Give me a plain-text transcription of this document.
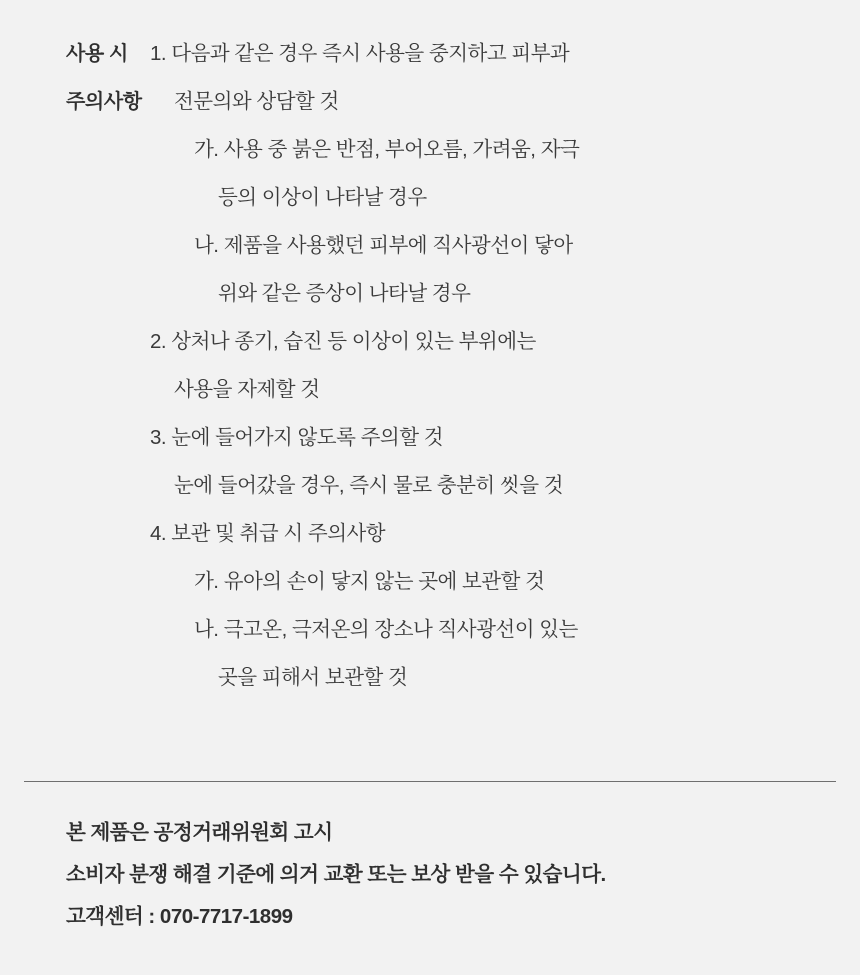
사용 시
주의사항
1. 다음과 같은 경우 즉시 사용을 중지하고 피부과
전문의와 상담할 것
가. 사용 중 붉은 반점, 부어오름, 가려움, 자극
등의 이상이 나타날 경우
나. 제품을 사용했던 피부에 직사광선이 닿아
위와 같은 증상이 나타날 경우
2. 상처나 종기, 습진 등 이상이 있는 부위에는
사용을 자제할 것
3. 눈에 들어가지 않도록 주의할 것
눈에 들어갔을 경우, 즉시 물로 충분히 씻을 것
4. 보관 및 취급 시 주의사항
가. 유아의 손이 닿지 않는 곳에 보관할 것
나. 극고온, 극저온의 장소나 직사광선이 있는
곳을 피해서 보관할 것
본 제품은 공정거래위원회 고시
소비자 분쟁 해결 기준에 의거 교환 또는 보상 받을 수 있습니다.
고객센터 : 070-7717-1899
